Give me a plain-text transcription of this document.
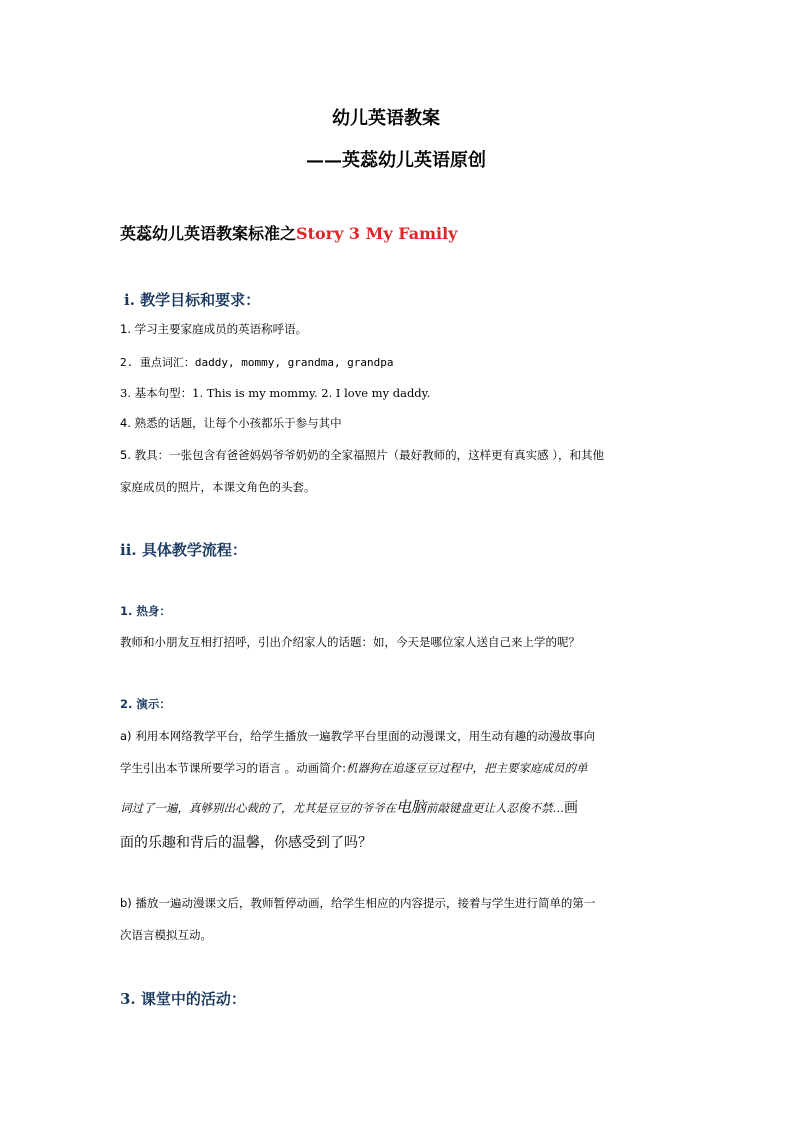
幼儿英语教案
——英蕊幼儿英语原创
英蕊幼儿英语教案标准之Story 3 My Family
ⅰ. 教学目标和要求：
1. 学习主要家庭成员的英语称呼语。
2. 重点词汇：daddy, mommy, grandma, grandpa
3. 基本句型：1. This is my mommy. 2. I love my daddy.
4. 熟悉的话题，让每个小孩都乐于参与其中
5. 教具：一张包含有爸爸妈妈爷爷奶奶的全家福照片（最好教师的，这样更有真实感 ），和其他
家庭成员的照片，本课文角色的头套。
ⅱ. 具体教学流程：
1. 热身：
教师和小朋友互相打招呼，引出介绍家人的话题：如，今天是哪位家人送自己来上学的呢？
2. 演示：
a) 利用本网络教学平台，给学生播放一遍教学平台里面的动漫课文，用生动有趣的动漫故事向
学生引出本节课所要学习的语言 。动画简介:机器狗在追逐豆豆过程中，把主要家庭成员的单
词过了一遍，真够别出心裁的了，尤其是豆豆的爷爷在电脑前敲键盘更让人忍俊不禁…画
面的乐趣和背后的温馨，你感受到了吗？
b) 播放一遍动漫课文后，教师暂停动画，给学生相应的内容提示，接着与学生进行简单的第一
次语言模拟互动。
3. 课堂中的活动：
